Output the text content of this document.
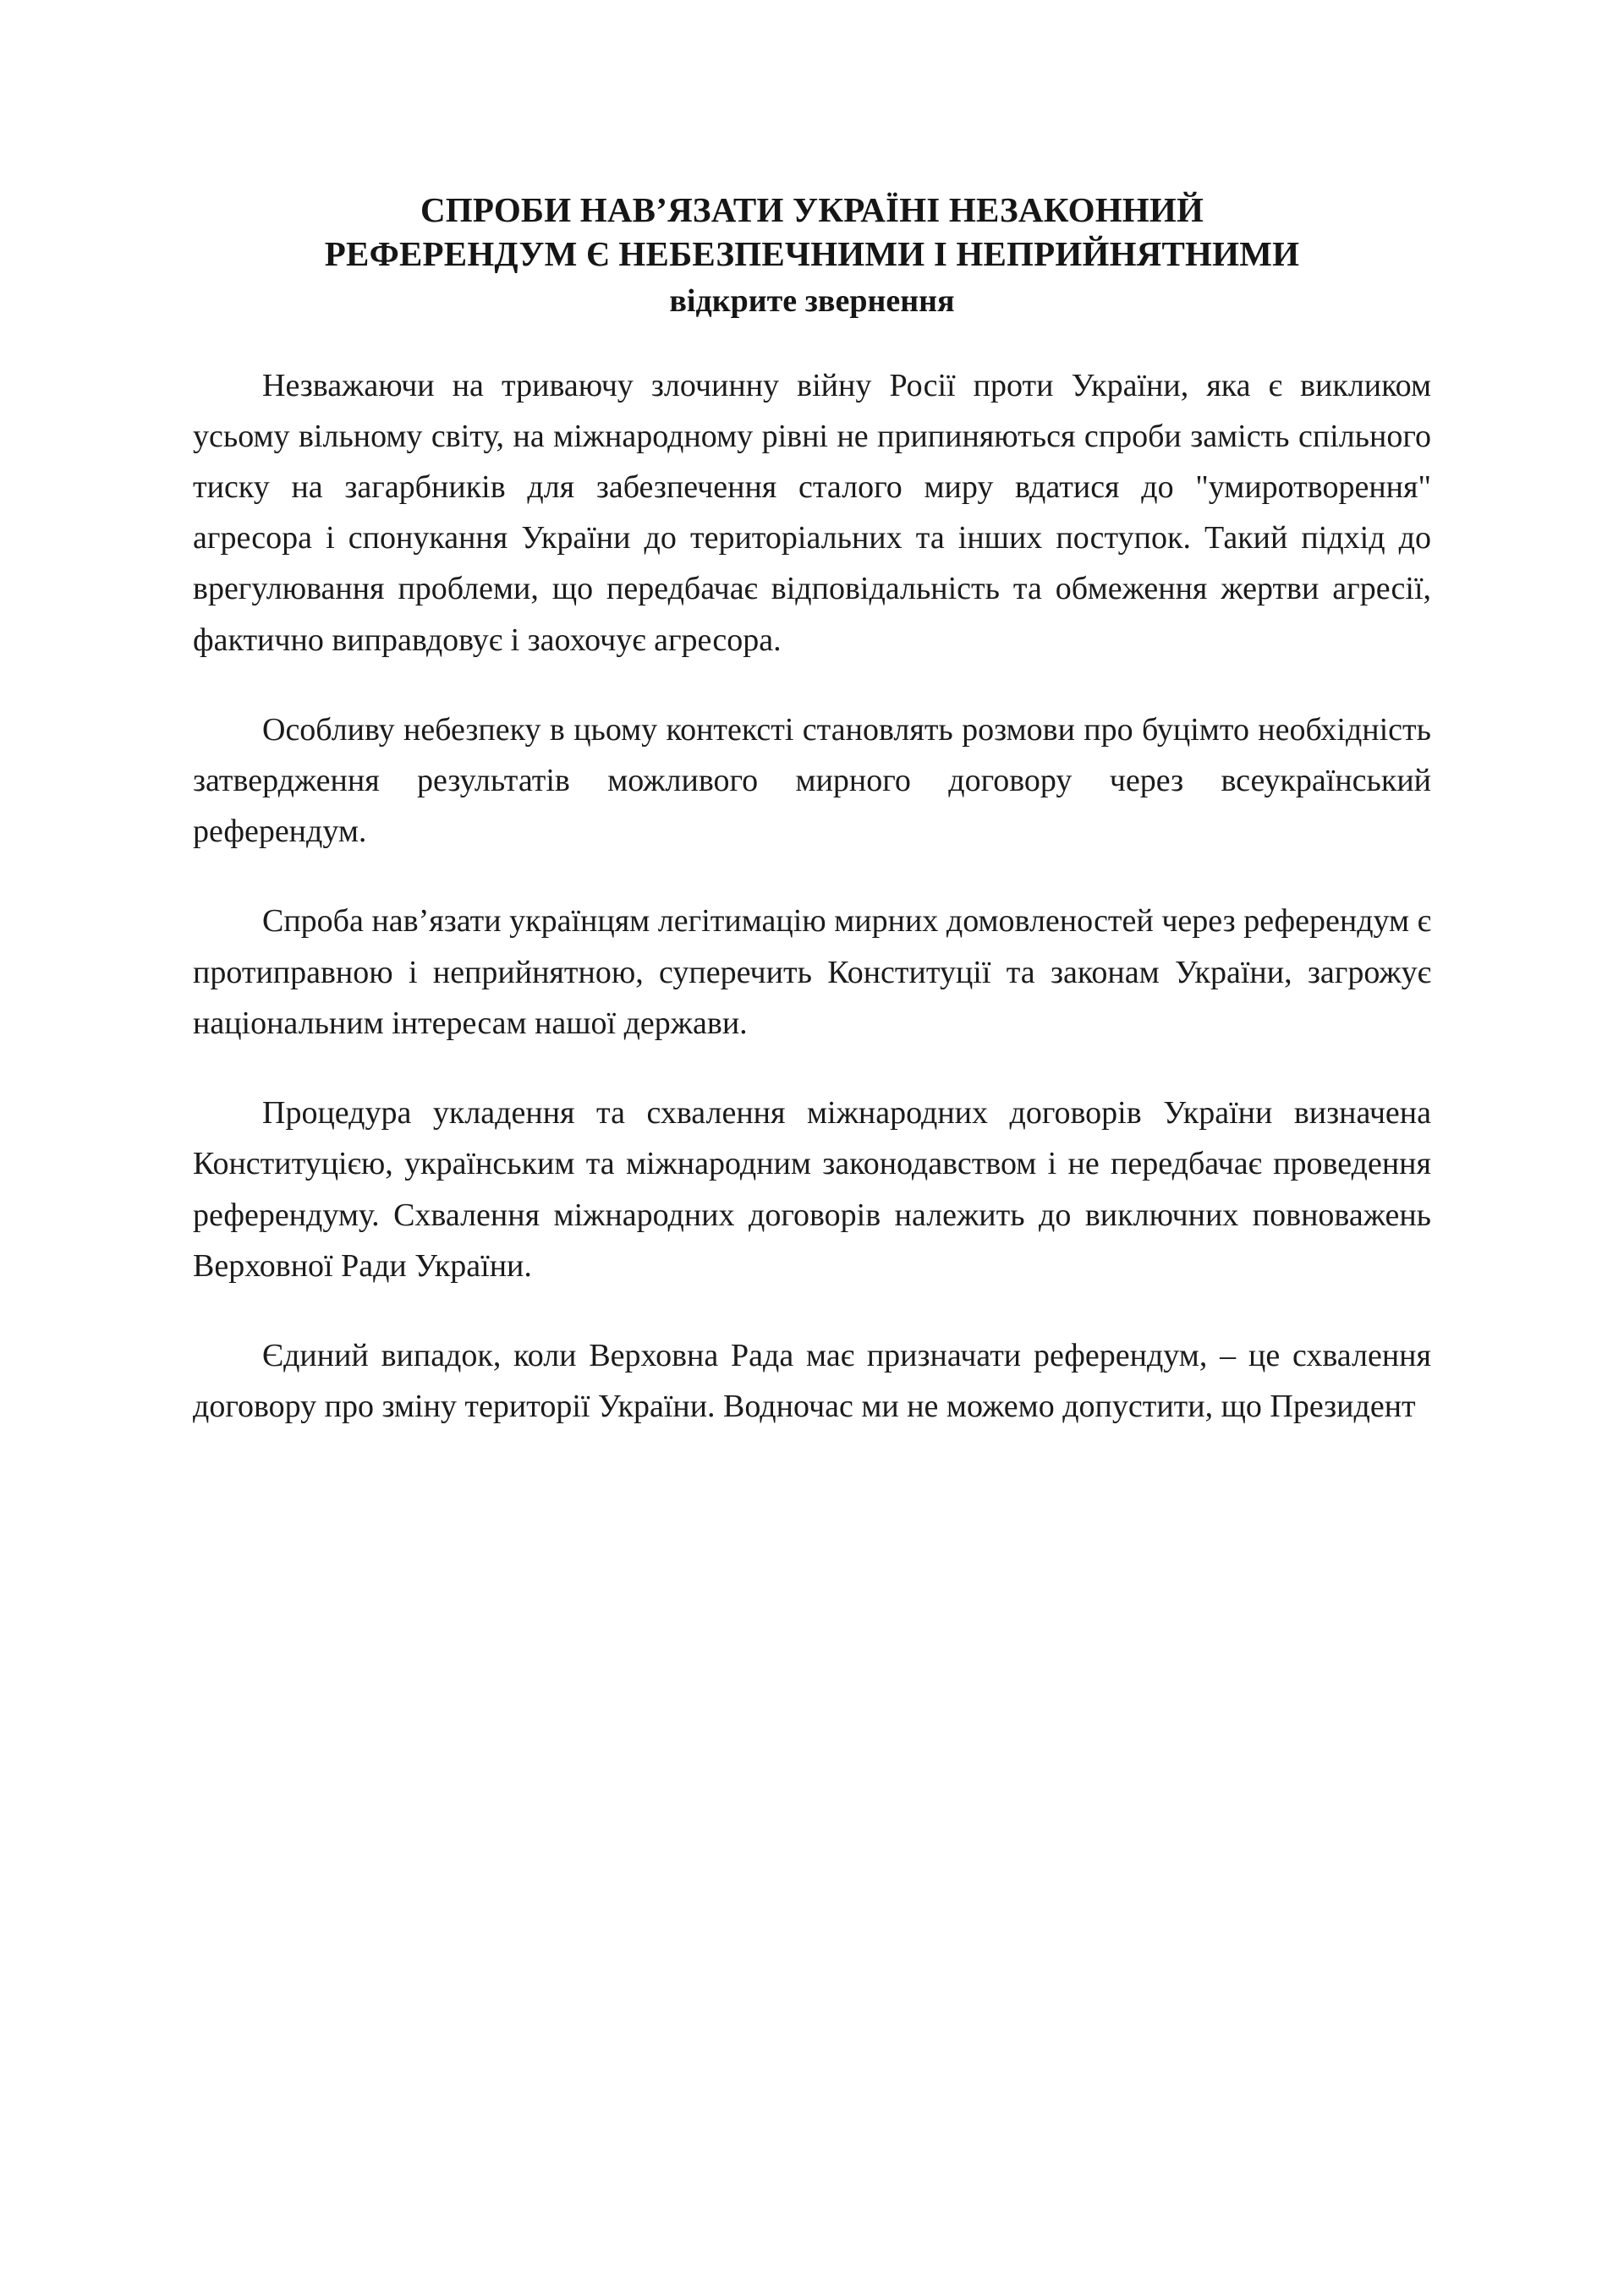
СПРОБИ НАВ’ЯЗАТИ УКРАЇНІ НЕЗАКОННИЙ
РЕФЕРЕНДУМ Є НЕБЕЗПЕЧНИМИ І НЕПРИЙНЯТНИМИ
відкрите звернення

Незважаючи на триваючу злочинну війну Росії проти України, яка є викликом усьому вільному світу, на міжнародному рівні не припиняються спроби замість спільного тиску на загарбників для забезпечення сталого миру вдатися до "умиротворення" агресора і спонукання України до територіальних та інших поступок. Такий підхід до врегулювання проблеми, що передбачає відповідальність та обмеження жертви агресії, фактично виправдовує і заохочує агресора.

Особливу небезпеку в цьому контексті становлять розмови про буцімто необхідність затвердження результатів можливого мирного договору через всеукраїнський референдум.

Спроба нав’язати українцям легітимацію мирних домовленостей через референдум є протиправною і неприйнятною, суперечить Конституції та законам України, загрожує національним інтересам нашої держави.

Процедура укладення та схвалення міжнародних договорів України визначена Конституцією, українським та міжнародним законодавством і не передбачає проведення референдуму. Схвалення міжнародних договорів належить до виключних повноважень Верховної Ради України.

Єдиний випадок, коли Верховна Рада має призначати референдум, – це схвалення договору про зміну території України. Водночас ми не можемо допустити, що Президент
